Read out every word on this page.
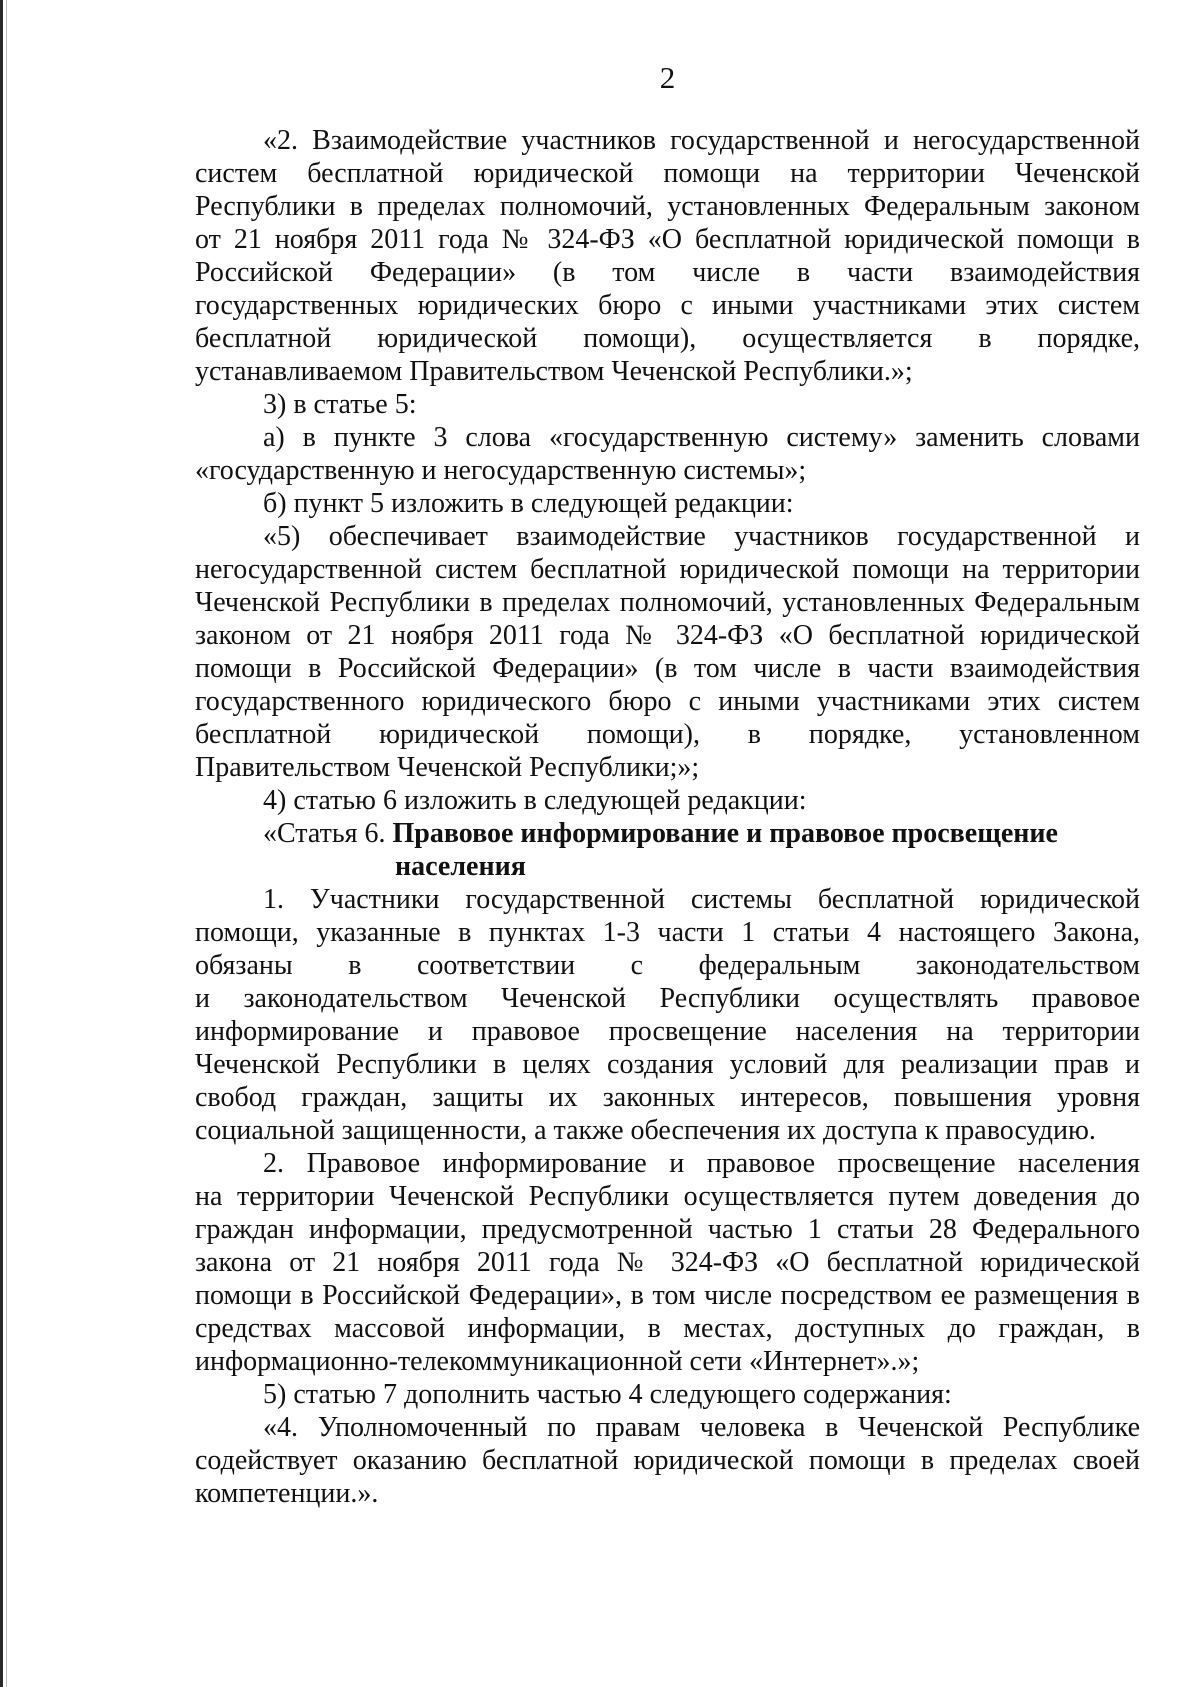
2
«2. Взаимодействие участников государственной и негосударственной
систем бесплатной юридической помощи на территории Чеченской
Республики в пределах полномочий, установленных Федеральным законом
от 21 ноября 2011 года № 324-ФЗ «О бесплатной юридической помощи в
Российской Федерации» (в том числе в части взаимодействия
государственных юридических бюро с иными участниками этих систем
бесплатной юридической помощи), осуществляется в порядке,
устанавливаемом Правительством Чеченской Республики.»;
3) в статье 5:
а) в пункте 3 слова «государственную систему» заменить словами
«государственную и негосударственную системы»;
б) пункт 5 изложить в следующей редакции:
«5) обеспечивает взаимодействие участников государственной и
негосударственной систем бесплатной юридической помощи на территории
Чеченской Республики в пределах полномочий, установленных Федеральным
законом от 21 ноября 2011 года № 324-ФЗ «О бесплатной юридической
помощи в Российской Федерации» (в том числе в части взаимодействия
государственного юридического бюро с иными участниками этих систем
бесплатной юридической помощи), в порядке, установленном
Правительством Чеченской Республики;»;
4) статью 6 изложить в следующей редакции:
«Статья 6. Правовое информирование и правовое просвещение
населения
1. Участники государственной системы бесплатной юридической
помощи, указанные в пунктах 1-3 части 1 статьи 4 настоящего Закона,
обязаны в соответствии с федеральным законодательством
и законодательством Чеченской Республики осуществлять правовое
информирование и правовое просвещение населения на территории
Чеченской Республики в целях создания условий для реализации прав и
свобод граждан, защиты их законных интересов, повышения уровня
социальной защищенности, а также обеспечения их доступа к правосудию.
2. Правовое информирование и правовое просвещение населения
на территории Чеченской Республики осуществляется путем доведения до
граждан информации, предусмотренной частью 1 статьи 28 Федерального
закона от 21 ноября 2011 года № 324-ФЗ «О бесплатной юридической
помощи в Российской Федерации», в том числе посредством ее размещения в
средствах массовой информации, в местах, доступных до граждан, в
информационно-телекоммуникационной сети «Интернет».»;
5) статью 7 дополнить частью 4 следующего содержания:
«4. Уполномоченный по правам человека в Чеченской Республике
содействует оказанию бесплатной юридической помощи в пределах своей
компетенции.».
